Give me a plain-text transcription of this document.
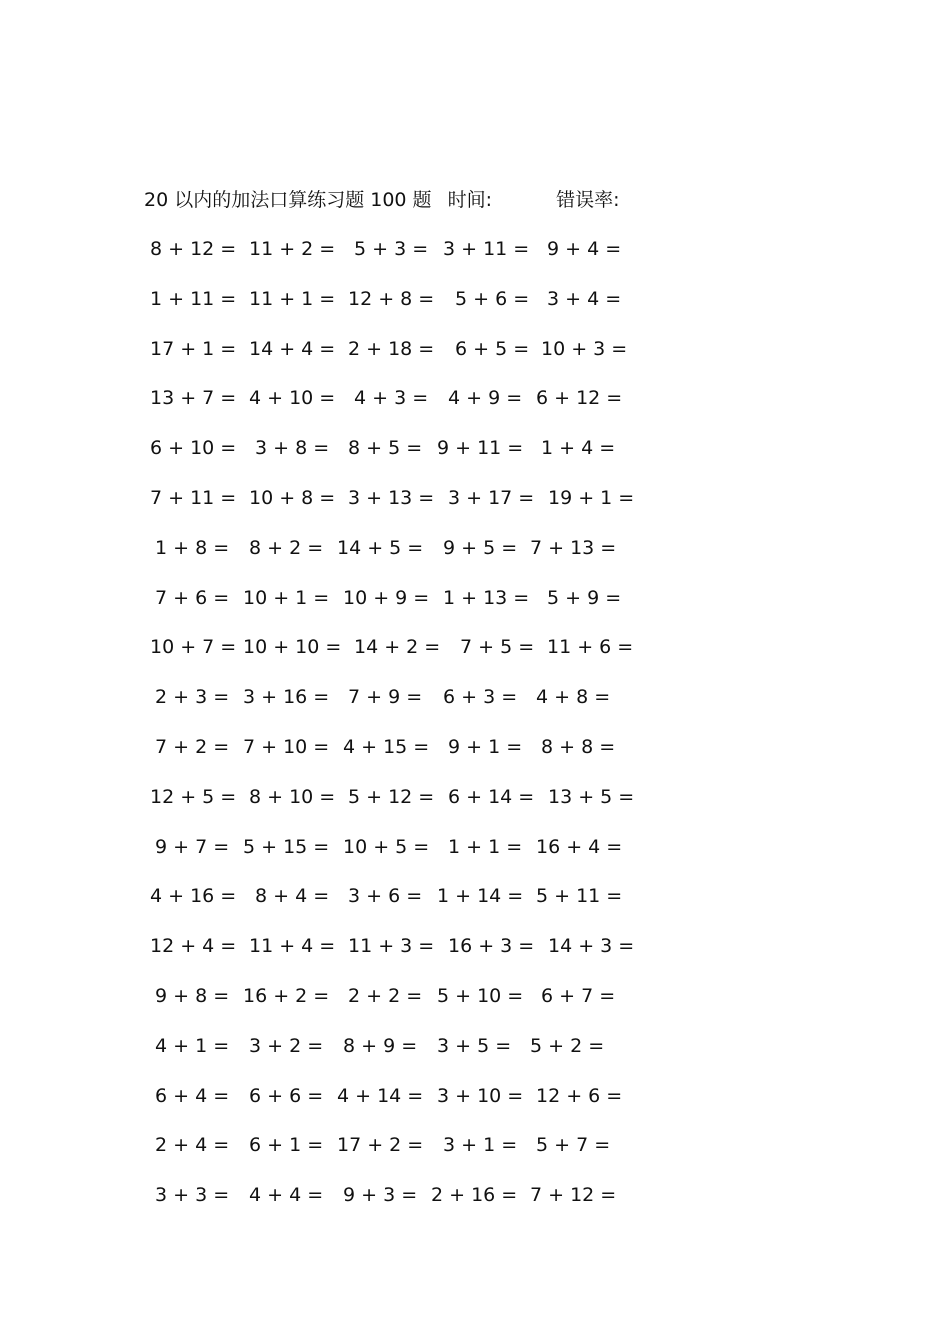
20 以内的加法口算练习题 100 题 时间:	错误率:
8 + 12 = 11 + 2 = 5 + 3 = 3 + 11 = 9 + 4 =
1 + 11 = 11 + 1 = 12 + 8 = 5 + 6 = 3 + 4 =
17 + 1 = 14 + 4 = 2 + 18 = 6 + 5 = 10 + 3 =
13 + 7 = 4 + 10 = 4 + 3 = 4 + 9 = 6 + 12 =
6 + 10 = 3 + 8 = 8 + 5 = 9 + 11 = 1 + 4 =
7 + 11 = 10 + 8 = 3 + 13 = 3 + 17 = 19 + 1 =
1 + 8 = 8 + 2 = 14 + 5 = 9 + 5 = 7 + 13 =
7 + 6 = 10 + 1 = 10 + 9 = 1 + 13 = 5 + 9 =
10 + 7 = 10 + 10 = 14 + 2 = 7 + 5 = 11 + 6 =
2 + 3 = 3 + 16 = 7 + 9 = 6 + 3 = 4 + 8 =
7 + 2 = 7 + 10 = 4 + 15 = 9 + 1 = 8 + 8 =
12 + 5 = 8 + 10 = 5 + 12 = 6 + 14 = 13 + 5 =
9 + 7 = 5 + 15 = 10 + 5 = 1 + 1 = 16 + 4 =
4 + 16 = 8 + 4 = 3 + 6 = 1 + 14 = 5 + 11 =
12 + 4 = 11 + 4 = 11 + 3 = 16 + 3 = 14 + 3 =
9 + 8 = 16 + 2 = 2 + 2 = 5 + 10 = 6 + 7 =
4 + 1 = 3 + 2 = 8 + 9 = 3 + 5 = 5 + 2 =
6 + 4 = 6 + 6 = 4 + 14 = 3 + 10 = 12 + 6 =
2 + 4 = 6 + 1 = 17 + 2 = 3 + 1 = 5 + 7 =
3 + 3 = 4 + 4 = 9 + 3 = 2 + 16 = 7 + 12 =
